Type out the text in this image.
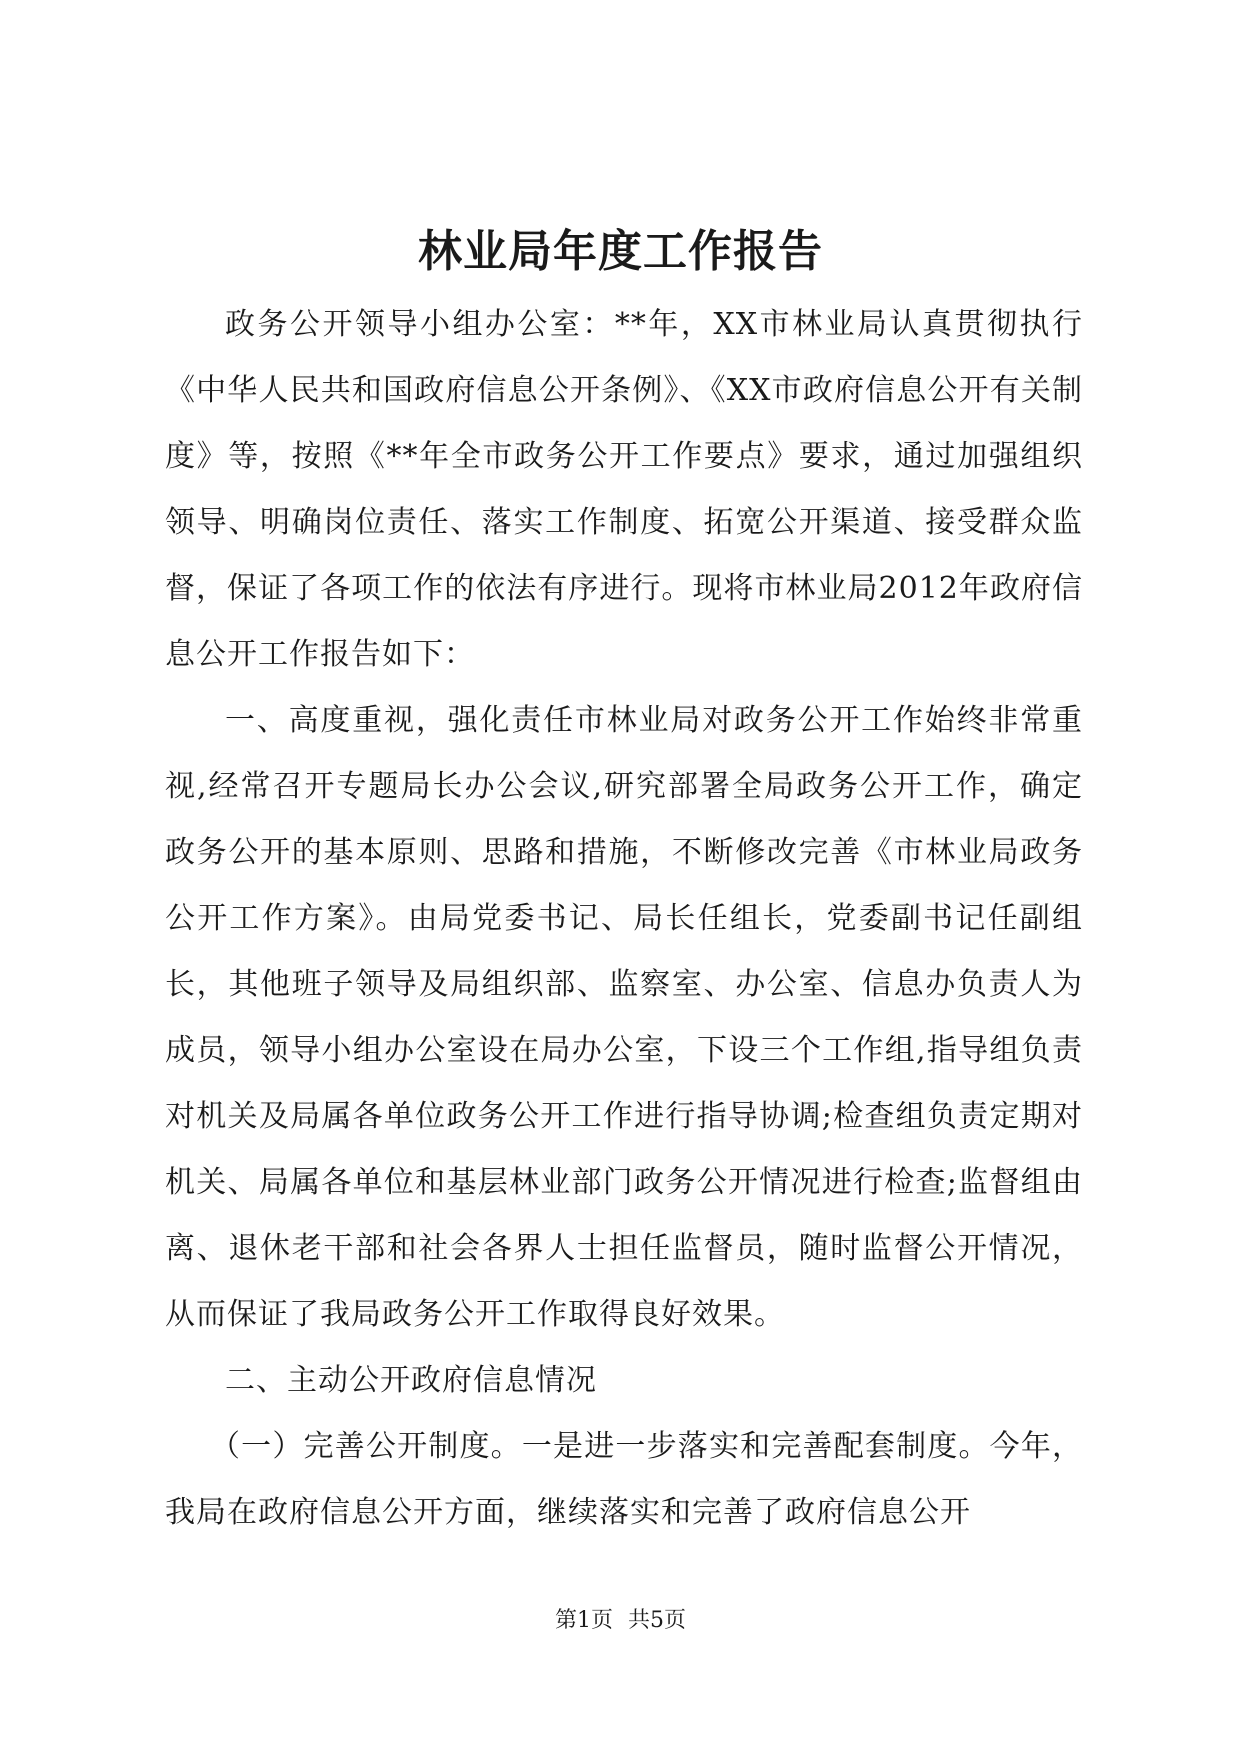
林业局年度工作报告

政务公开领导小组办公室：**年，XX市林业局认真贯彻执行《中华人民共和国政府信息公开条例》、《XX市政府信息公开有关制度》等，按照《**年全市政务公开工作要点》要求，通过加强组织领导、明确岗位责任、落实工作制度、拓宽公开渠道、接受群众监督，保证了各项工作的依法有序进行。现将市林业局2012年政府信息公开工作报告如下：

一、高度重视，强化责任市林业局对政务公开工作始终非常重视,经常召开专题局长办公会议,研究部署全局政务公开工作，确定政务公开的基本原则、思路和措施，不断修改完善《市林业局政务公开工作方案》。由局党委书记、局长任组长，党委副书记任副组长，其他班子领导及局组织部、监察室、办公室、信息办负责人为成员，领导小组办公室设在局办公室，下设三个工作组,指导组负责对机关及局属各单位政务公开工作进行指导协调;检查组负责定期对机关、局属各单位和基层林业部门政务公开情况进行检查;监督组由离、退休老干部和社会各界人士担任监督员，随时监督公开情况，从而保证了我局政务公开工作取得良好效果。

二、主动公开政府信息情况

（一）完善公开制度。一是进一步落实和完善配套制度。今年，我局在政府信息公开方面，继续落实和完善了政府信息公开

第1页 共5页
